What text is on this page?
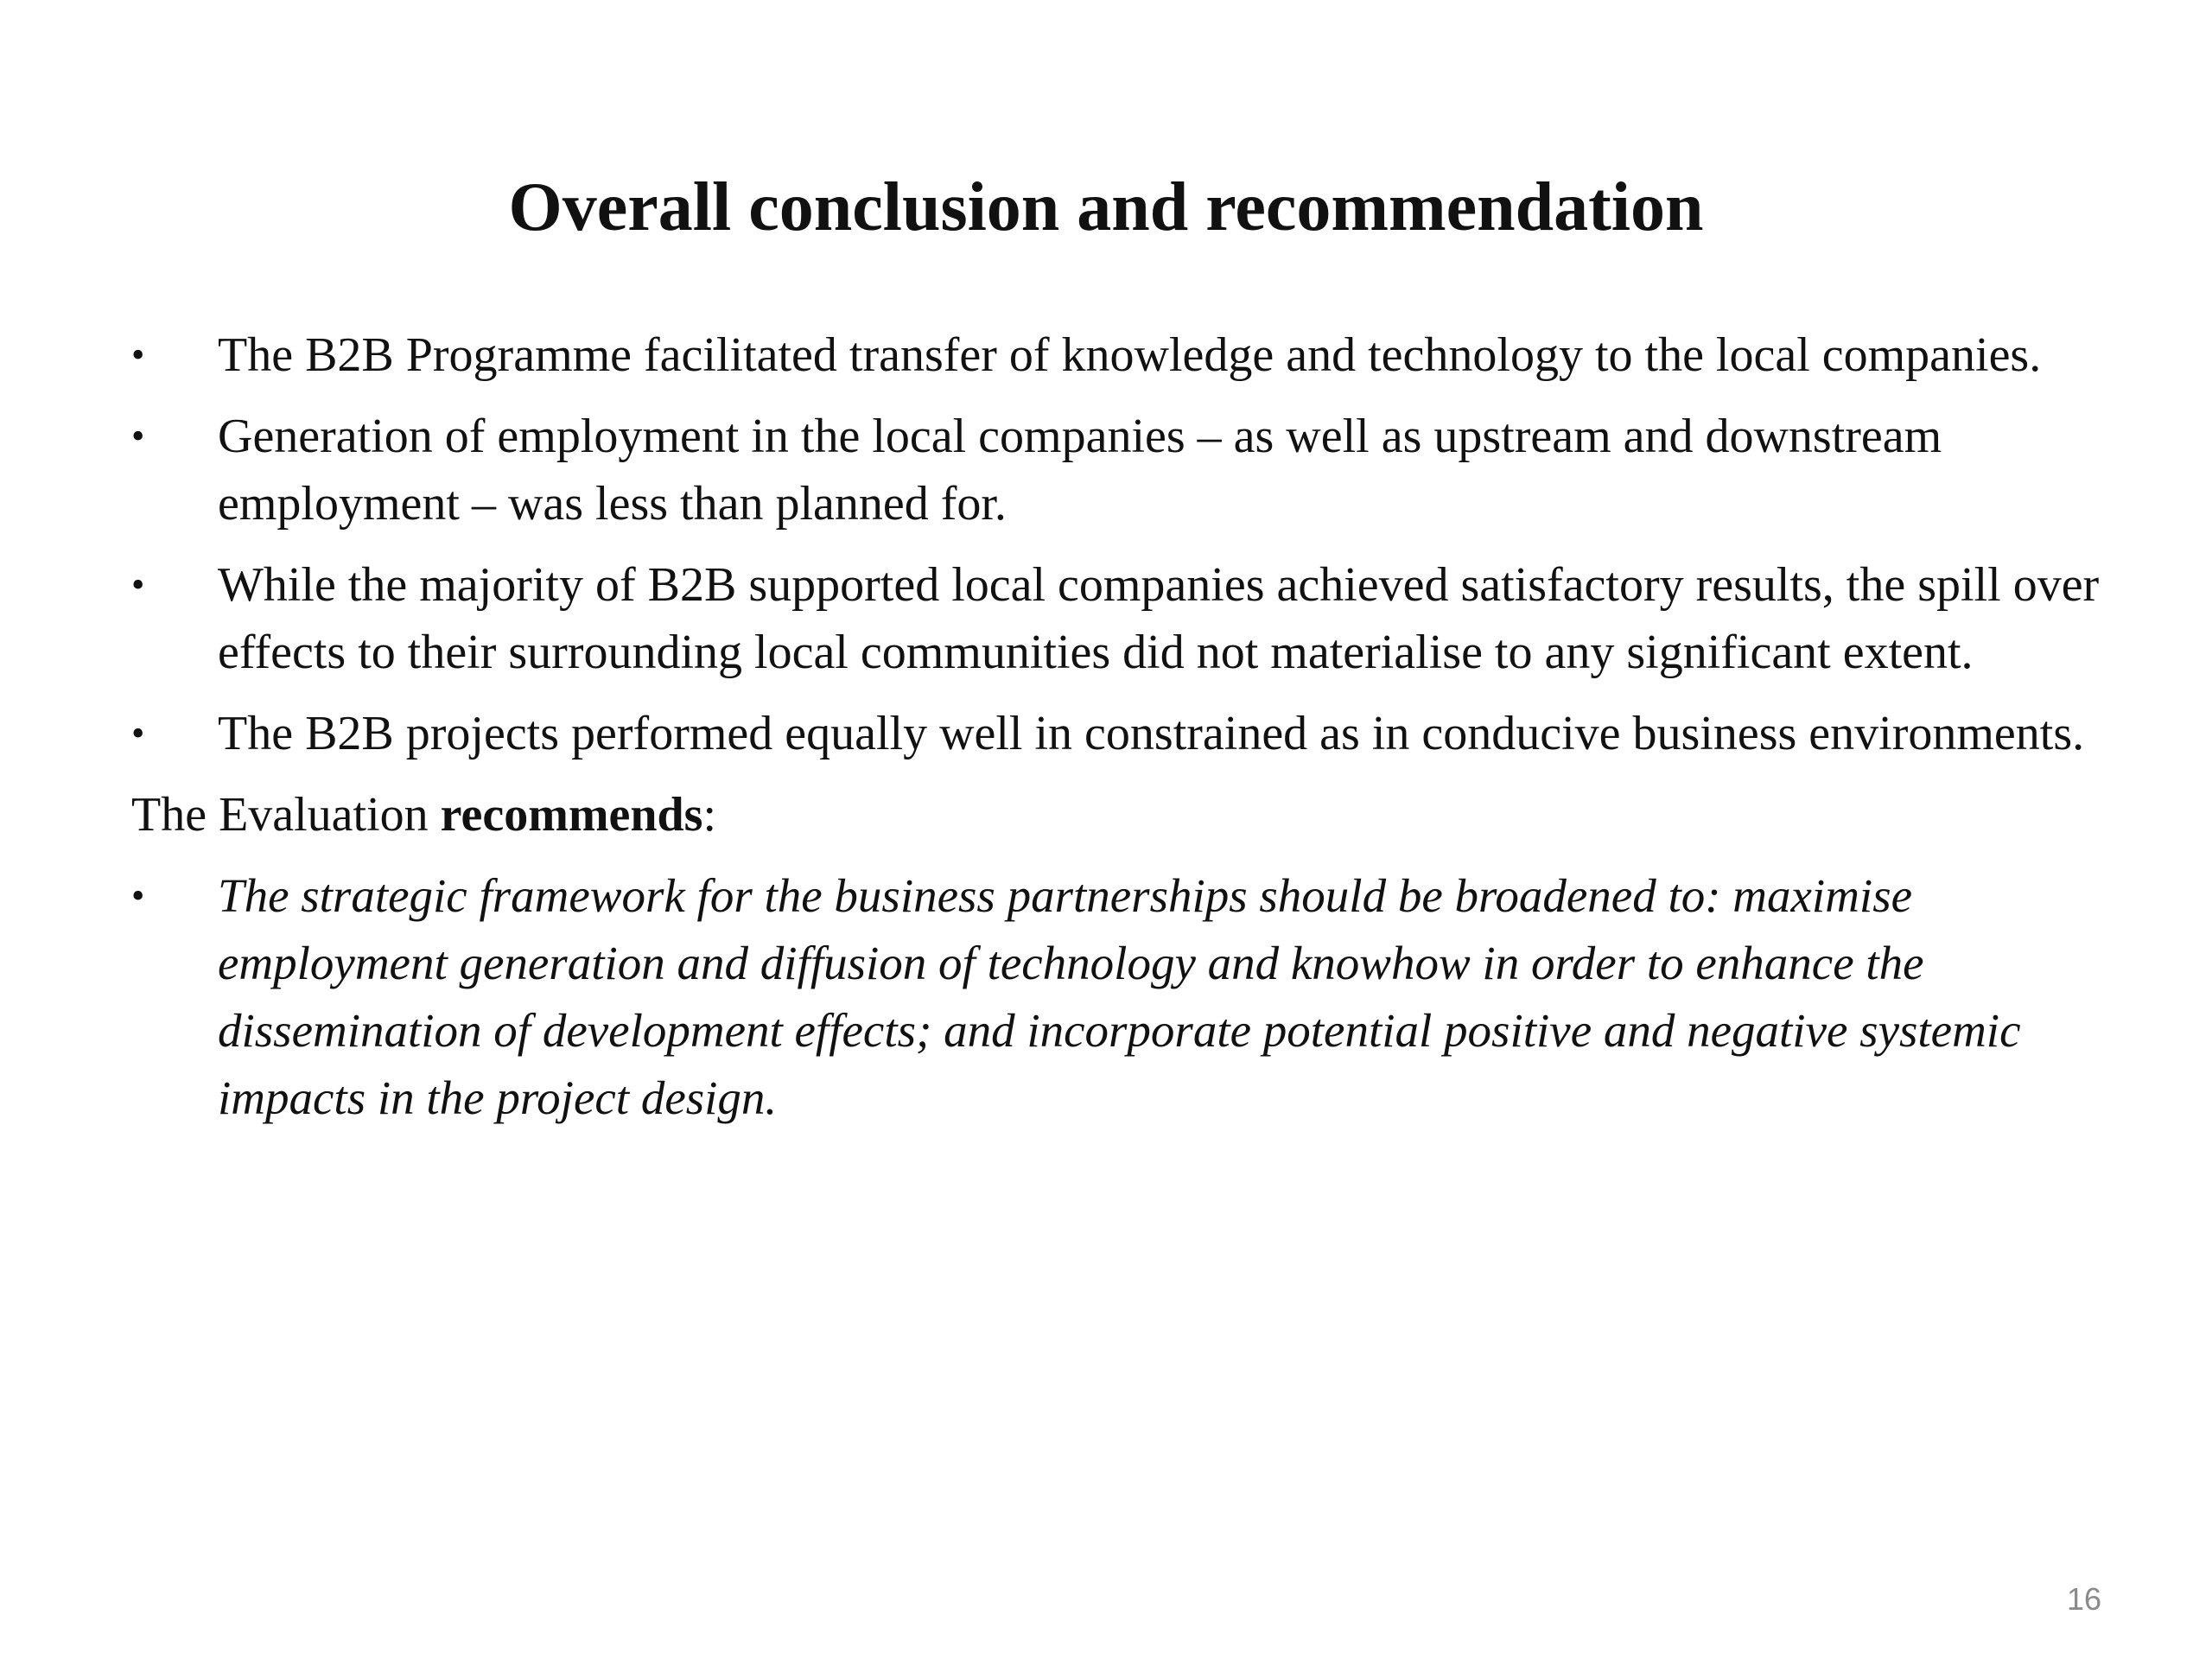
Overall conclusion and recommendation
•	The B2B Programme facilitated transfer of knowledge and technology to the local companies.
•	Generation of employment in the local companies – as well as upstream and downstream employment – was less than planned for.
•	While the majority of B2B supported local companies achieved satisfactory results, the spill over effects to their surrounding local communities did not materialise to any significant extent.
•	The B2B projects performed equally well in constrained as in conducive business environments.
The Evaluation recommends:
•	The strategic framework for the business partnerships should be broadened to: maximise employment generation and diffusion of technology and knowhow in order to enhance the dissemination of development effects; and incorporate potential positive and negative systemic impacts in the project design.
16
